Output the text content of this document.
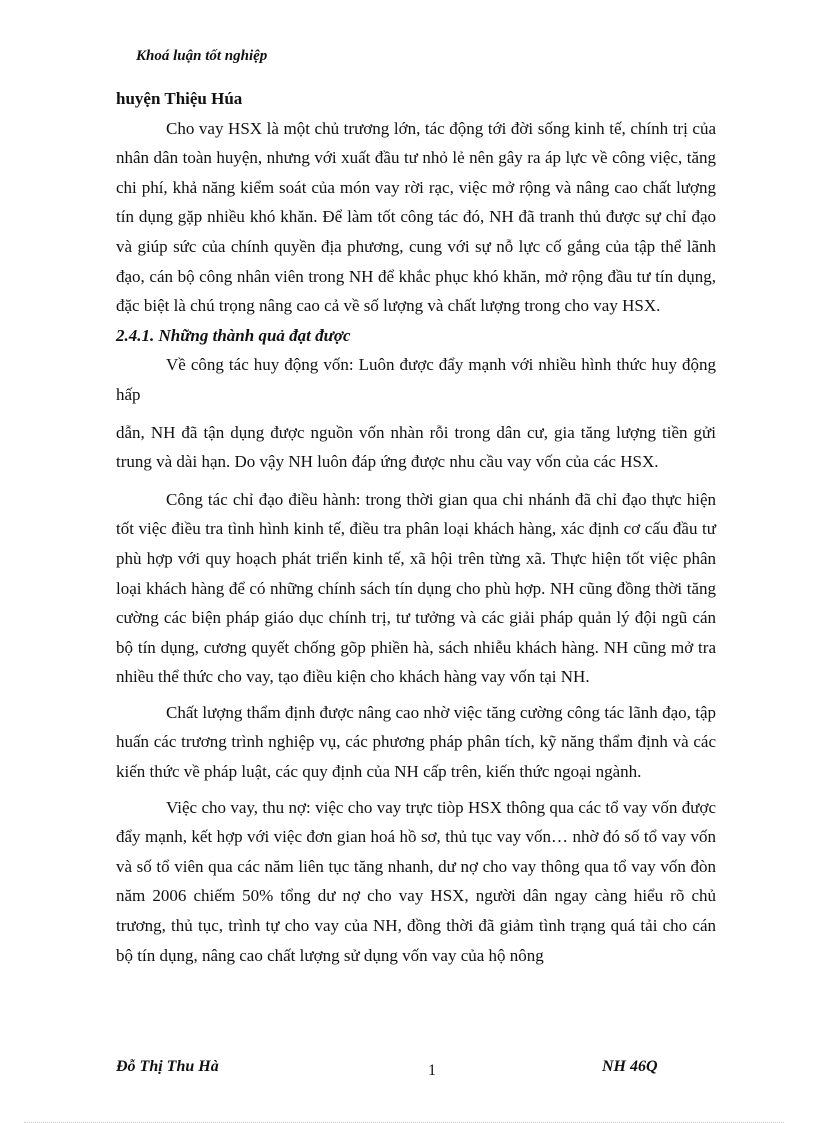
Khoá luận tốt nghiệp

huyện Thiệu Húa

Cho vay HSX là một chủ trương lớn, tác động tới đời sống kinh tế, chính trị của nhân dân toàn huyện, nhưng với xuất đầu tư nhỏ lẻ nên gây ra áp lực về công việc, tăng chi phí, khả năng kiểm soát của món vay rời rạc, việc mở rộng và nâng cao chất lượng tín dụng gặp nhiều khó khăn. Để làm tốt công tác đó, NH đã tranh thủ được sự chỉ đạo và giúp sức của chính quyền địa phương, cung với sự nỗ lực cố gắng của tập thể lãnh đạo, cán bộ công nhân viên trong NH để khắc phục khó khăn, mở rộng đầu tư tín dụng, đặc biệt là chú trọng nâng cao cả về số lượng và chất lượng trong cho vay HSX.

2.4.1. Những thành quả đạt được

Về công tác huy động vốn: Luôn được đẩy mạnh với nhiều hình thức huy động hấp

dẫn, NH đã tận dụng được nguồn vốn nhàn rỗi trong dân cư, gia tăng lượng tiền gửi trung và dài hạn. Do vậy NH luôn đáp ứng được nhu cầu vay vốn của các HSX.

Công tác chỉ đạo điều hành: trong thời gian qua chi nhánh đã chỉ đạo thực hiện tốt việc điều tra tình hình kinh tế, điều tra phân loại khách hàng, xác định cơ cấu đầu tư phù hợp với quy hoạch phát triển kinh tế, xã hội trên từng xã. Thực hiện tốt việc phân loại khách hàng để có những chính sách tín dụng cho phù hợp. NH cũng đồng thời tăng cường các biện pháp giáo dục chính trị, tư tưởng và các giải pháp quản lý đội ngũ cán bộ tín dụng, cương quyết chống gõp phiền hà, sách nhiễu khách hàng. NH cũng mở tra nhiều thể thức cho vay, tạo điều kiện cho khách hàng vay vốn tại NH.

Chất lượng thẩm định được nâng cao nhờ việc tăng cường công tác lãnh đạo, tập huấn các trương trình nghiệp vụ, các phương pháp phân tích, kỹ năng thẩm định và các kiến thức về pháp luật, các quy định của NH cấp trên, kiến thức ngoại ngành.

Việc cho vay, thu nợ: việc cho vay trực tiòp HSX thông qua các tổ vay vốn được đẩy mạnh, kết hợp với việc đơn gian hoá hồ sơ, thủ tục vay vốn… nhờ đó số tổ vay vốn và số tổ viên qua các năm liên tục tăng nhanh, dư nợ cho vay thông qua tổ vay vốn đòn năm 2006 chiếm 50% tổng dư nợ cho vay HSX, người dân ngay càng hiểu rõ chủ trương, thủ tục, trình tự cho vay của NH, đồng thời đã giảm tình trạng quá tải cho cán bộ tín dụng, nâng cao chất lượng sử dụng vốn vay của hộ nông

Đỗ Thị Thu Hà	1	NH 46Q
